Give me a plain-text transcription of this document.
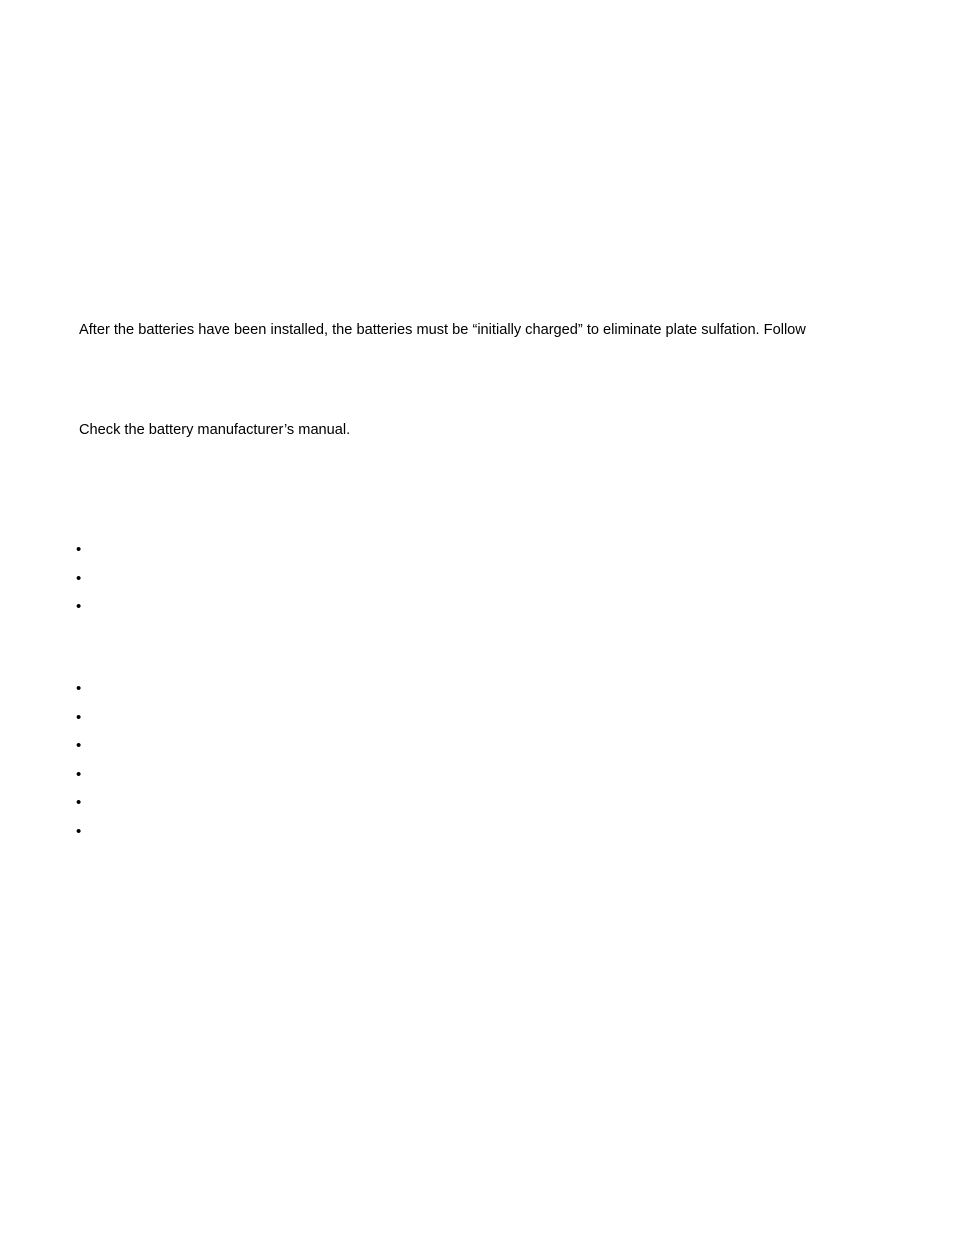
After the batteries have been installed, the batteries must be “initially charged” to eliminate plate sulfation. Follow

Check the battery manufacturer’s manual.

•
•
•
•
•
•
•
•
•
